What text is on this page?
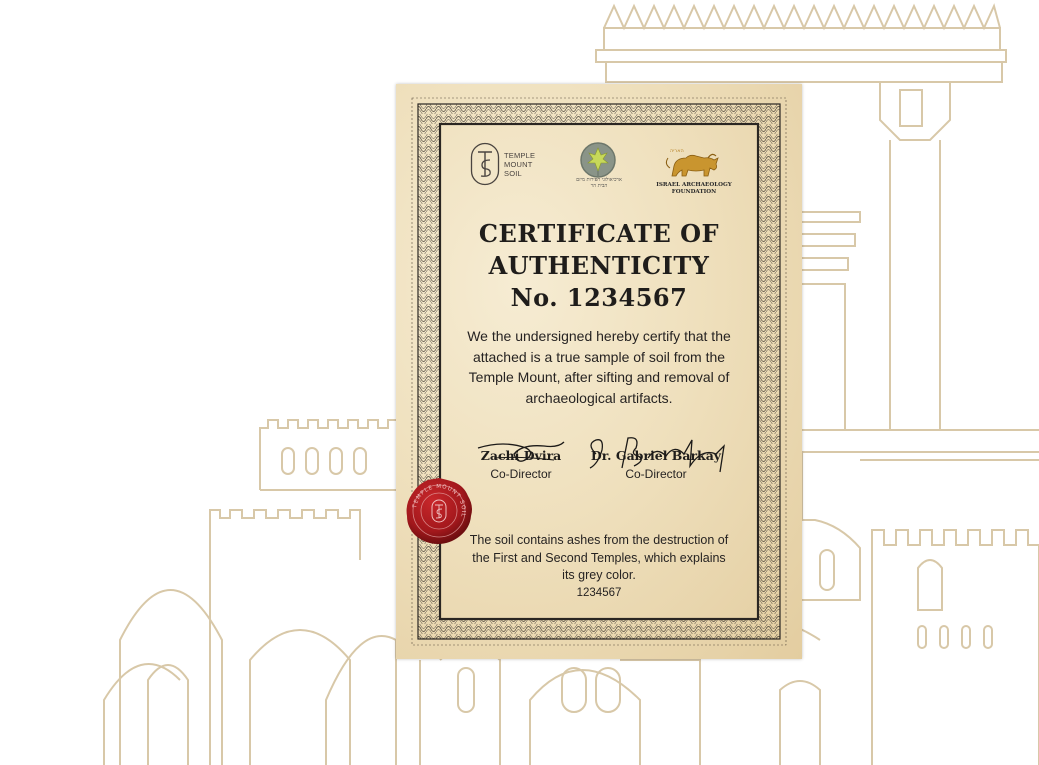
TEMPLE
MOUNT
SOIL
ארכיאולוגי חפירות מיזם
הבית הר
האריה
ISRAEL ARCHAEOLOGY
FOUNDATION
CERTIFICATE OF
AUTHENTICITY
No. 1234567
We the undersigned hereby certify that the attached is a true sample of soil from the Temple Mount, after sifting and removal of archaeological artifacts.
Zachi Dvira
Co-Director
Dr. Gabriel Barkay
Co-Director
TEMPLE MOUNT SOIL
The soil contains ashes from the destruction of the First and Second Temples, which explains its grey color.
1234567
